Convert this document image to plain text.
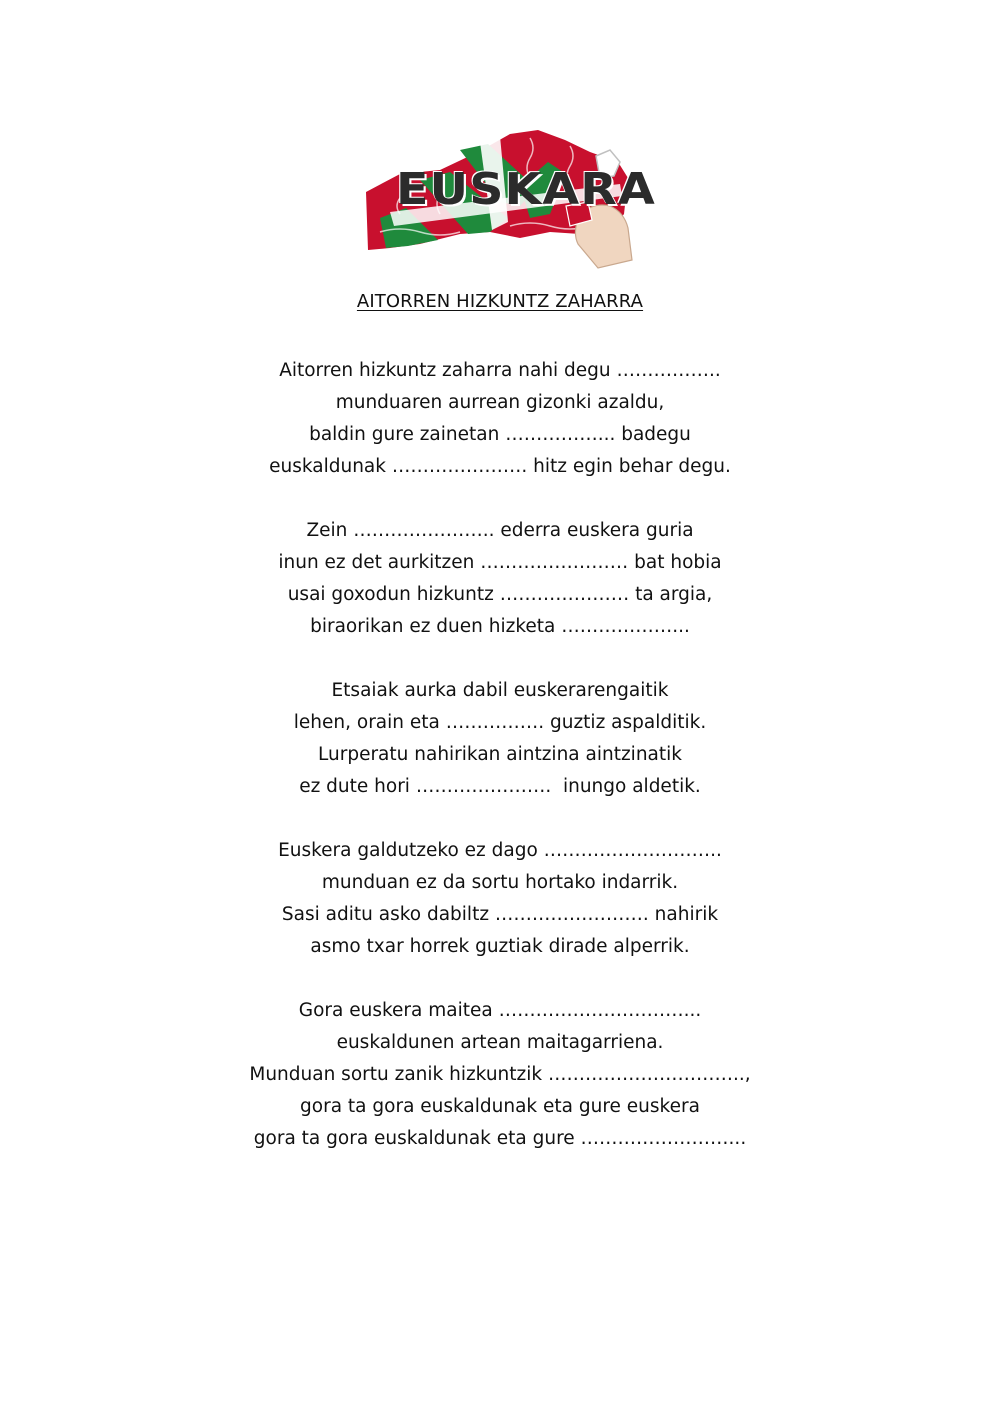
EUSKARA
AITORREN HIZKUNTZ ZAHARRA
Aitorren hizkuntz zaharra nahi degu ……………..
munduaren aurrean gizonki azaldu,
baldin gure zainetan ……………... badegu
euskaldunak …………………. hitz egin behar degu.
Zein ………………….. ederra euskera guria
inun ez det aurkitzen …………………… bat hobia
usai goxodun hizkuntz ………………… ta argia,
biraorikan ez duen hizketa ………………...
Etsaiak aurka dabil euskerarengaitik
lehen, orain eta ……………. guztiz aspalditik.
Lurperatu nahirikan aintzina aintzinatik
ez dute hori ………………….  inungo aldetik.
Euskera galdutzeko ez dago ………………………..
munduan ez da sortu hortako indarrik.
Sasi aditu asko dabiltz ……………………. nahirik
asmo txar horrek guztiak dirade alperrik.
Gora euskera maitea …………………………...
euskaldunen artean maitagarriena.
Munduan sortu zanik hizkuntzik …………………………..,
gora ta gora euskaldunak eta gure euskera
gora ta gora euskaldunak eta gure ……………………...
